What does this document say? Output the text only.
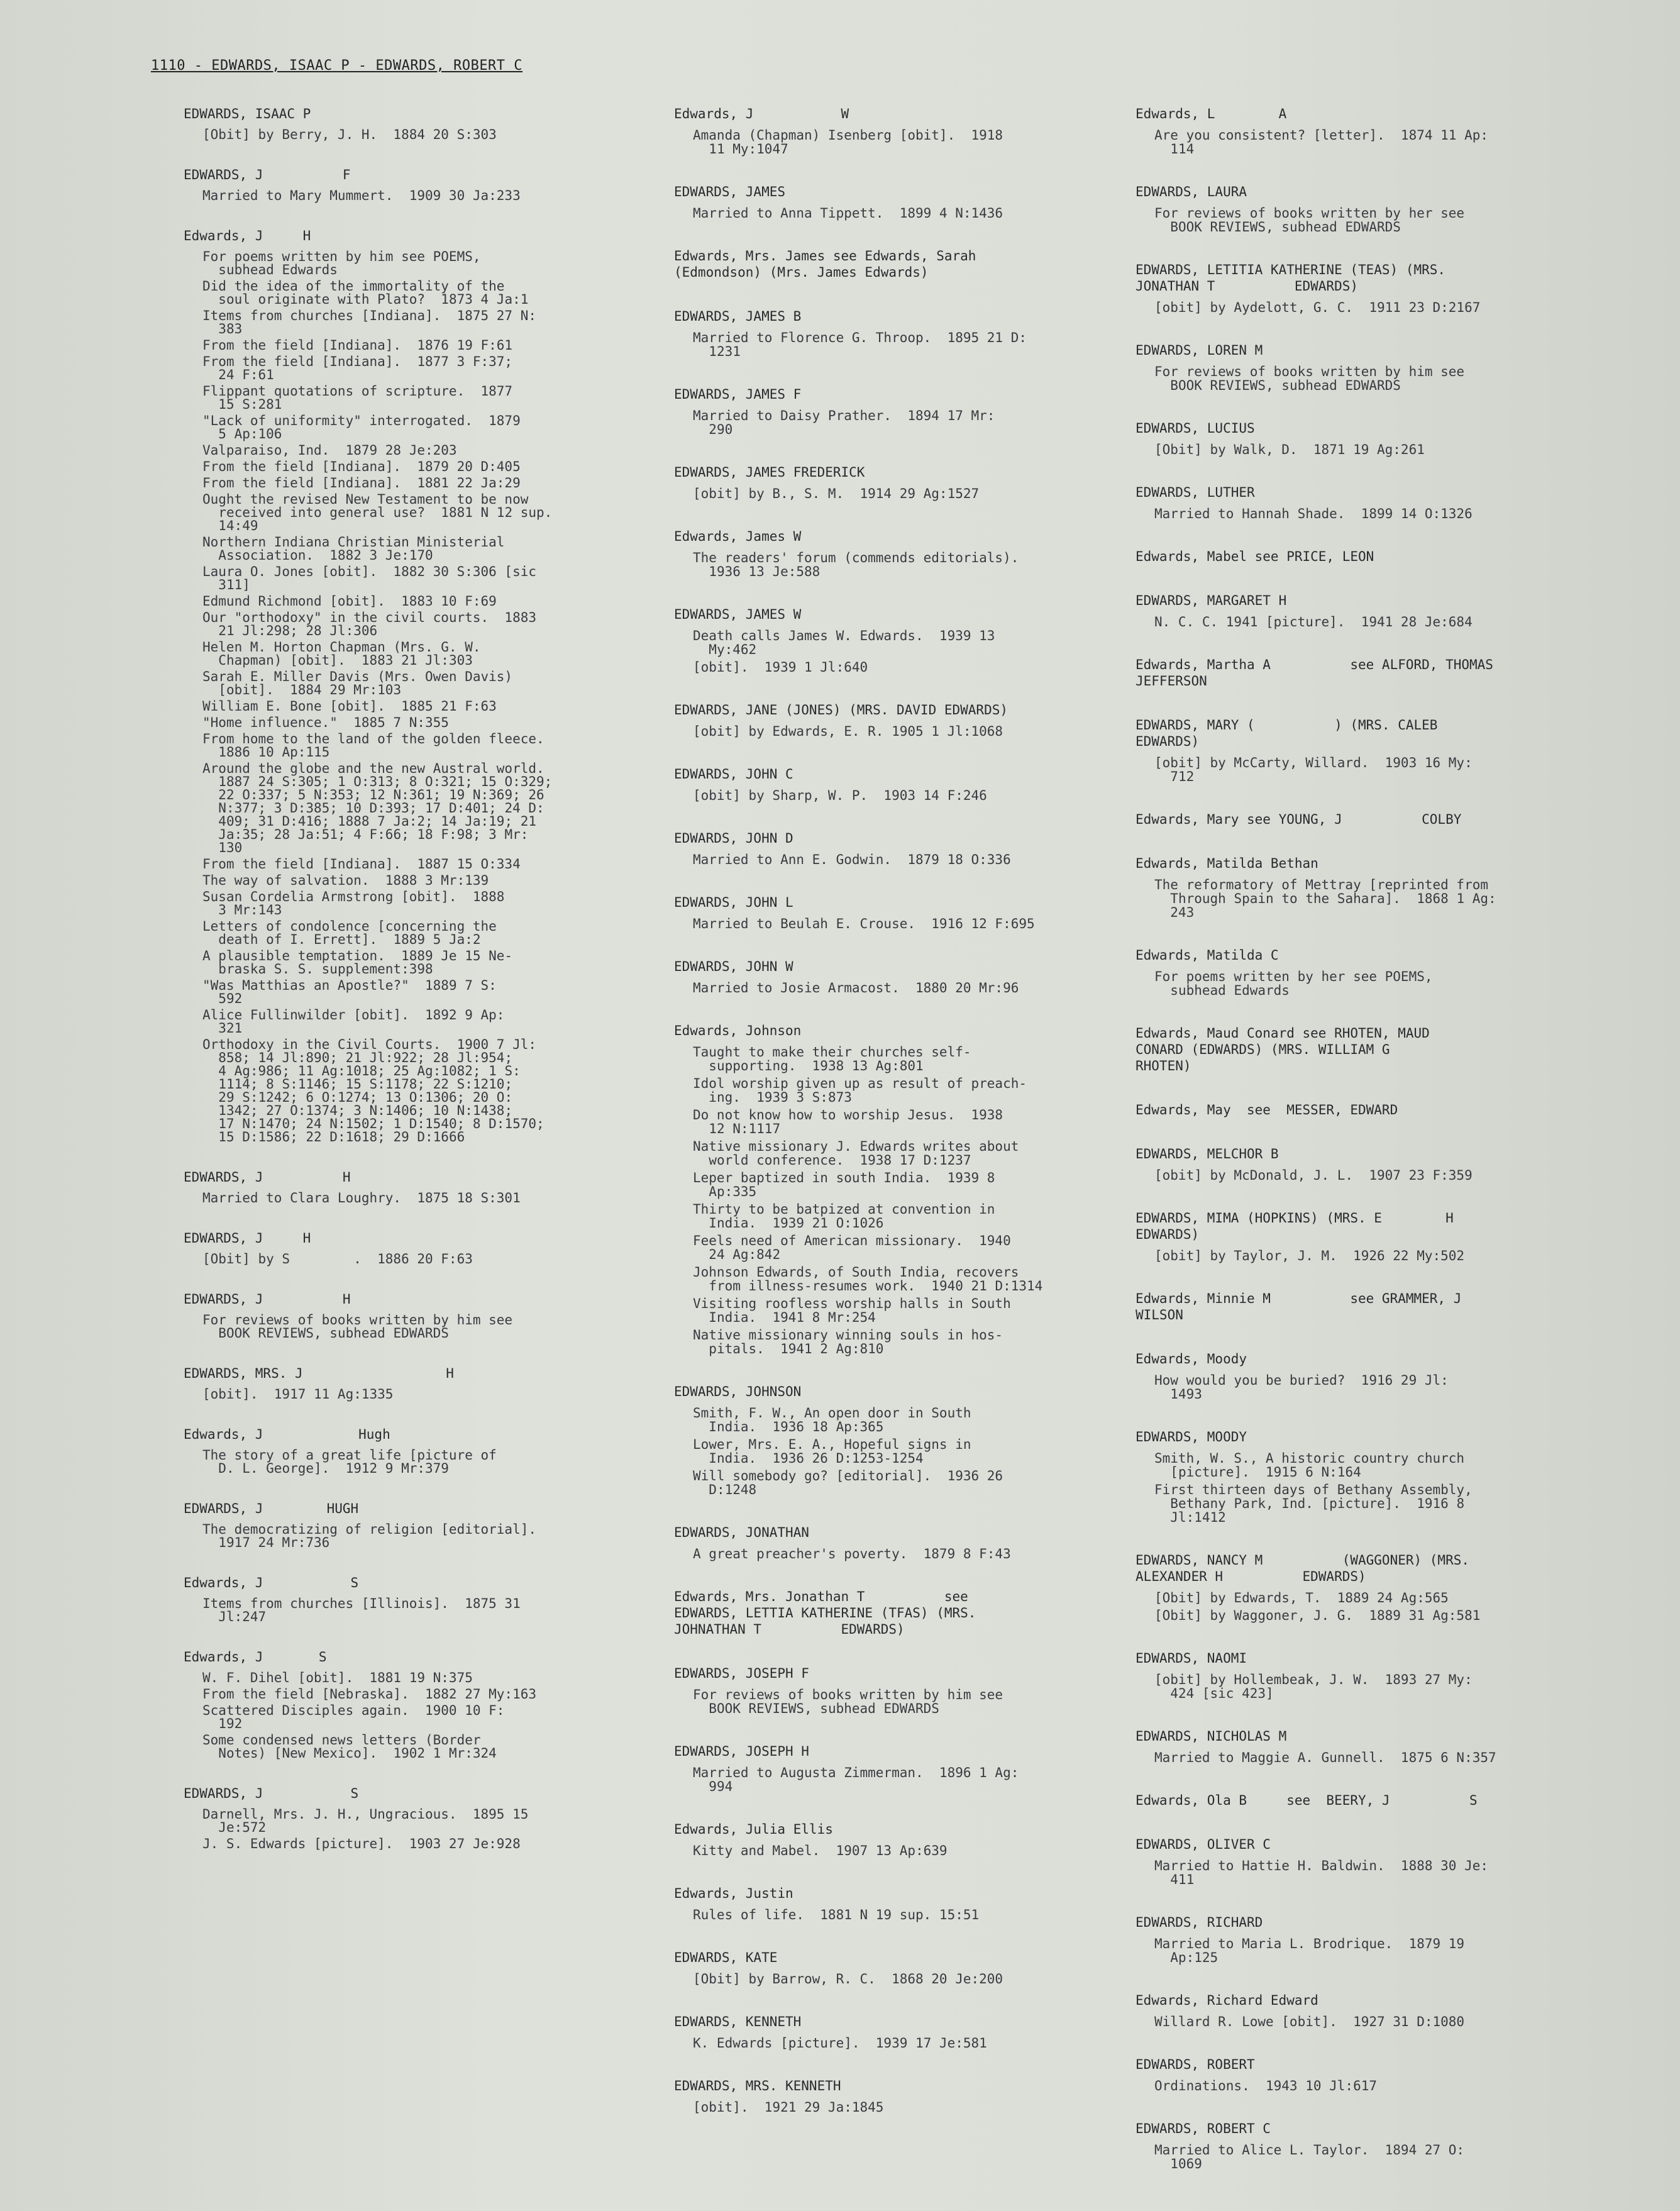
1110 - EDWARDS, ISAAC P - EDWARDS, ROBERT C
EDWARDS, ISAAC P
[Obit] by Berry, J. H.  1884 20 S:303
EDWARDS, J          F
Married to Mary Mummert.  1909 30 Ja:233
Edwards, J     H
For poems written by him see POEMS,
subhead Edwards
Did the idea of the immortality of the
soul originate with Plato?  1873 4 Ja:1
Items from churches [Indiana].  1875 27 N:
383
From the field [Indiana].  1876 19 F:61
From the field [Indiana].  1877 3 F:37;
24 F:61
Flippant quotations of scripture.  1877
15 S:281
"Lack of uniformity" interrogated.  1879
5 Ap:106
Valparaiso, Ind.  1879 28 Je:203
From the field [Indiana].  1879 20 D:405
From the field [Indiana].  1881 22 Ja:29
Ought the revised New Testament to be now
received into general use?  1881 N 12 sup.
14:49
Northern Indiana Christian Ministerial
Association.  1882 3 Je:170
Laura O. Jones [obit].  1882 30 S:306 [sic
311]
Edmund Richmond [obit].  1883 10 F:69
Our "orthodoxy" in the civil courts.  1883
21 Jl:298; 28 Jl:306
Helen M. Horton Chapman (Mrs. G. W.
Chapman) [obit].  1883 21 Jl:303
Sarah E. Miller Davis (Mrs. Owen Davis)
[obit].  1884 29 Mr:103
William E. Bone [obit].  1885 21 F:63
"Home influence."  1885 7 N:355
From home to the land of the golden fleece.
1886 10 Ap:115
Around the globe and the new Austral world.
1887 24 S:305; 1 O:313; 8 O:321; 15 O:329;
22 O:337; 5 N:353; 12 N:361; 19 N:369; 26
N:377; 3 D:385; 10 D:393; 17 D:401; 24 D:
409; 31 D:416; 1888 7 Ja:2; 14 Ja:19; 21
Ja:35; 28 Ja:51; 4 F:66; 18 F:98; 3 Mr:
130
From the field [Indiana].  1887 15 O:334
The way of salvation.  1888 3 Mr:139
Susan Cordelia Armstrong [obit].  1888
3 Mr:143
Letters of condolence [concerning the
death of I. Errett].  1889 5 Ja:2
A plausible temptation.  1889 Je 15 Ne-
braska S. S. supplement:398
"Was Matthias an Apostle?"  1889 7 S:
592
Alice Fullinwilder [obit].  1892 9 Ap:
321
Orthodoxy in the Civil Courts.  1900 7 Jl:
858; 14 Jl:890; 21 Jl:922; 28 Jl:954;
4 Ag:986; 11 Ag:1018; 25 Ag:1082; 1 S:
1114; 8 S:1146; 15 S:1178; 22 S:1210;
29 S:1242; 6 O:1274; 13 O:1306; 20 O:
1342; 27 O:1374; 3 N:1406; 10 N:1438;
17 N:1470; 24 N:1502; 1 D:1540; 8 D:1570;
15 D:1586; 22 D:1618; 29 D:1666
EDWARDS, J          H
Married to Clara Loughry.  1875 18 S:301
EDWARDS, J     H
[Obit] by S        .  1886 20 F:63
EDWARDS, J          H
For reviews of books written by him see
BOOK REVIEWS, subhead EDWARDS
EDWARDS, MRS. J                  H
[obit].  1917 11 Ag:1335
Edwards, J            Hugh
The story of a great life [picture of
D. L. George].  1912 9 Mr:379
EDWARDS, J        HUGH
The democratizing of religion [editorial].
1917 24 Mr:736
Edwards, J           S
Items from churches [Illinois].  1875 31
Jl:247
Edwards, J       S
W. F. Dihel [obit].  1881 19 N:375
From the field [Nebraska].  1882 27 My:163
Scattered Disciples again.  1900 10 F:
192
Some condensed news letters (Border
Notes) [New Mexico].  1902 1 Mr:324
EDWARDS, J           S
Darnell, Mrs. J. H., Ungracious.  1895 15
Je:572
J. S. Edwards [picture].  1903 27 Je:928
Edwards, J           W
Amanda (Chapman) Isenberg [obit].  1918
11 My:1047
EDWARDS, JAMES
Married to Anna Tippett.  1899 4 N:1436
Edwards, Mrs. James see Edwards, Sarah
(Edmondson) (Mrs. James Edwards)
EDWARDS, JAMES B
Married to Florence G. Throop.  1895 21 D:
1231
EDWARDS, JAMES F
Married to Daisy Prather.  1894 17 Mr:
290
EDWARDS, JAMES FREDERICK
[obit] by B., S. M.  1914 29 Ag:1527
Edwards, James W
The readers' forum (commends editorials).
1936 13 Je:588
EDWARDS, JAMES W
Death calls James W. Edwards.  1939 13
My:462
[obit].  1939 1 Jl:640
EDWARDS, JANE (JONES) (MRS. DAVID EDWARDS)
[obit] by Edwards, E. R. 1905 1 Jl:1068
EDWARDS, JOHN C
[obit] by Sharp, W. P.  1903 14 F:246
EDWARDS, JOHN D
Married to Ann E. Godwin.  1879 18 O:336
EDWARDS, JOHN L
Married to Beulah E. Crouse.  1916 12 F:695
EDWARDS, JOHN W
Married to Josie Armacost.  1880 20 Mr:96
Edwards, Johnson
Taught to make their churches self-
supporting.  1938 13 Ag:801
Idol worship given up as result of preach-
ing.  1939 3 S:873
Do not know how to worship Jesus.  1938
12 N:1117
Native missionary J. Edwards writes about
world conference.  1938 17 D:1237
Leper baptized in south India.  1939 8
Ap:335
Thirty to be batpized at convention in
India.  1939 21 O:1026
Feels need of American missionary.  1940
24 Ag:842
Johnson Edwards, of South India, recovers
from illness-resumes work.  1940 21 D:1314
Visiting roofless worship halls in South
India.  1941 8 Mr:254
Native missionary winning souls in hos-
pitals.  1941 2 Ag:810
EDWARDS, JOHNSON
Smith, F. W., An open door in South
India.  1936 18 Ap:365
Lower, Mrs. E. A., Hopeful signs in
India.  1936 26 D:1253-1254
Will somebody go? [editorial].  1936 26
D:1248
EDWARDS, JONATHAN
A great preacher's poverty.  1879 8 F:43
Edwards, Mrs. Jonathan T          see
EDWARDS, LETTIA KATHERINE (TFAS) (MRS.
JOHNATHAN T          EDWARDS)
EDWARDS, JOSEPH F
For reviews of books written by him see
BOOK REVIEWS, subhead EDWARDS
EDWARDS, JOSEPH H
Married to Augusta Zimmerman.  1896 1 Ag:
994
Edwards, Julia Ellis
Kitty and Mabel.  1907 13 Ap:639
Edwards, Justin
Rules of life.  1881 N 19 sup. 15:51
EDWARDS, KATE
[Obit] by Barrow, R. C.  1868 20 Je:200
EDWARDS, KENNETH
K. Edwards [picture].  1939 17 Je:581
EDWARDS, MRS. KENNETH
[obit].  1921 29 Ja:1845
Edwards, L        A
Are you consistent? [letter].  1874 11 Ap:
114
EDWARDS, LAURA
For reviews of books written by her see
BOOK REVIEWS, subhead EDWARDS
EDWARDS, LETITIA KATHERINE (TEAS) (MRS.
JONATHAN T          EDWARDS)
[obit] by Aydelott, G. C.  1911 23 D:2167
EDWARDS, LOREN M
For reviews of books written by him see
BOOK REVIEWS, subhead EDWARDS
EDWARDS, LUCIUS
[Obit] by Walk, D.  1871 19 Ag:261
EDWARDS, LUTHER
Married to Hannah Shade.  1899 14 O:1326
Edwards, Mabel see PRICE, LEON
EDWARDS, MARGARET H
N. C. C. 1941 [picture].  1941 28 Je:684
Edwards, Martha A          see ALFORD, THOMAS
JEFFERSON
EDWARDS, MARY (          ) (MRS. CALEB
EDWARDS)
[obit] by McCarty, Willard.  1903 16 My:
712
Edwards, Mary see YOUNG, J          COLBY
Edwards, Matilda Bethan
The reformatory of Mettray [reprinted from
Through Spain to the Sahara].  1868 1 Ag:
243
Edwards, Matilda C
For poems written by her see POEMS,
subhead Edwards
Edwards, Maud Conard see RHOTEN, MAUD
CONARD (EDWARDS) (MRS. WILLIAM G
RHOTEN)
Edwards, May  see  MESSER, EDWARD
EDWARDS, MELCHOR B
[obit] by McDonald, J. L.  1907 23 F:359
EDWARDS, MIMA (HOPKINS) (MRS. E        H
EDWARDS)
[obit] by Taylor, J. M.  1926 22 My:502
Edwards, Minnie M          see GRAMMER, J
WILSON
Edwards, Moody
How would you be buried?  1916 29 Jl:
1493
EDWARDS, MOODY
Smith, W. S., A historic country church
[picture].  1915 6 N:164
First thirteen days of Bethany Assembly,
Bethany Park, Ind. [picture].  1916 8
Jl:1412
EDWARDS, NANCY M          (WAGGONER) (MRS.
ALEXANDER H          EDWARDS)
[Obit] by Edwards, T.  1889 24 Ag:565
[Obit] by Waggoner, J. G.  1889 31 Ag:581
EDWARDS, NAOMI
[obit] by Hollembeak, J. W.  1893 27 My:
424 [sic 423]
EDWARDS, NICHOLAS M
Married to Maggie A. Gunnell.  1875 6 N:357
Edwards, Ola B     see  BEERY, J          S
EDWARDS, OLIVER C
Married to Hattie H. Baldwin.  1888 30 Je:
411
EDWARDS, RICHARD
Married to Maria L. Brodrique.  1879 19
Ap:125
Edwards, Richard Edward
Willard R. Lowe [obit].  1927 31 D:1080
EDWARDS, ROBERT
Ordinations.  1943 10 Jl:617
EDWARDS, ROBERT C
Married to Alice L. Taylor.  1894 27 O:
1069
